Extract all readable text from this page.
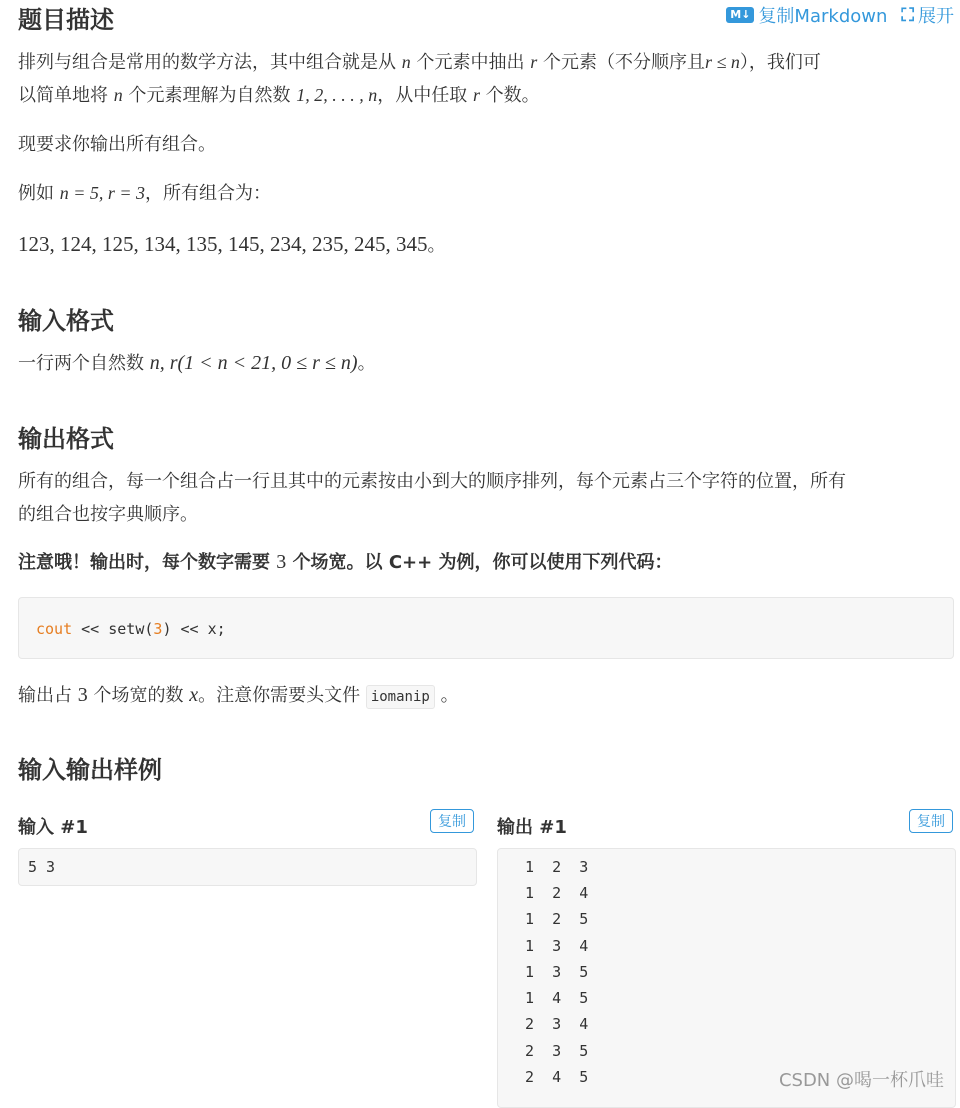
题目描述	M↓ 复制Markdown ⛶ 展开

排列与组合是常用的数学方法，其中组合就是从 n 个元素中抽出 r 个元素（不分顺序且r ≤ n），我们可
以简单地将 n 个元素理解为自然数 1, 2, . . . , n，从中任取 r 个数。

现要求你输出所有组合。

例如 n = 5, r = 3，所有组合为：

123, 124, 125, 134, 135, 145, 234, 235, 245, 345。

输入格式

一行两个自然数 n, r(1 < n < 21, 0 ≤ r ≤ n)。

输出格式

所有的组合，每一个组合占一行且其中的元素按由小到大的顺序排列，每个元素占三个字符的位置，所有
的组合也按字典顺序。

注意哦！输出时，每个数字需要 3 个场宽。以 C++ 为例，你可以使用下列代码：

cout << setw(3) << x;

输出占 3 个场宽的数 x。注意你需要头文件 iomanip 。

输入输出样例
输入 #1	复制
5 3
输出 #1	复制
1  2  3
1  2  4
1  2  5
1  3  4
1  3  5
1  4  5
2  3  4
2  3  5
2  4  5	CSDN @喝一杯爪哇
